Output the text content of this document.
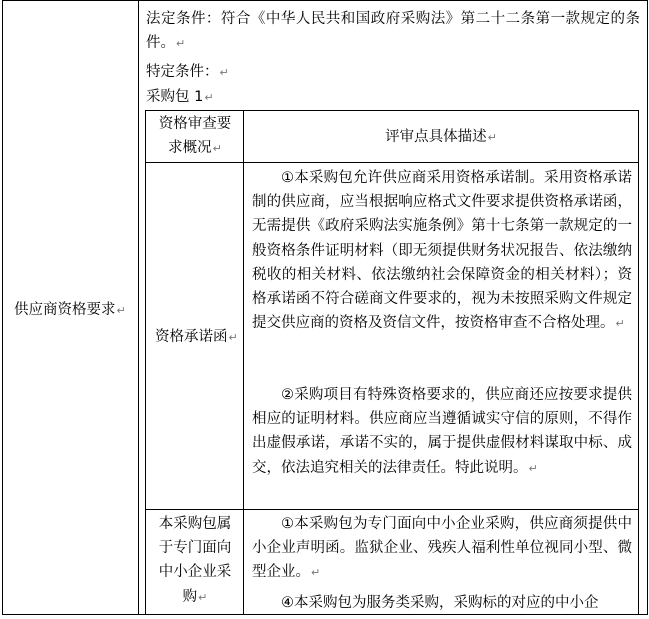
供应商资格要求↵
法定条件：符合《中华人民共和国政府采购法》第二十二条第一款规定的条件。↵
特定条件：↵
采购包 1↵
资格审查要求概况↵
评审点具体描述↵
资格承诺函↵
①本采购包允许供应商采用资格承诺制。采用资格承诺制的供应商，应当根据响应格式文件要求提供资格承诺函，无需提供《政府采购法实施条例》第十七条第一款规定的一般资格条件证明材料（即无须提供财务状况报告、依法缴纳税收的相关材料、依法缴纳社会保障资金的相关材料）；资格承诺函不符合磋商文件要求的，视为未按照采购文件规定提交供应商的资格及资信文件，按资格审查不合格处理。↵
②采购项目有特殊资格要求的，供应商还应按要求提供相应的证明材料。供应商应当遵循诚实守信的原则，不得作出虚假承诺，承诺不实的，属于提供虚假材料谋取中标、成交，依法追究相关的法律责任。特此说明。↵
本采购包属于专门面向中小企业采购↵
①本采购包为专门面向中小企业采购，供应商须提供中小企业声明函。监狱企业、残疾人福利性单位视同小型、微型企业。↵
④本采购包为服务类采购，采购标的对应的中小企
